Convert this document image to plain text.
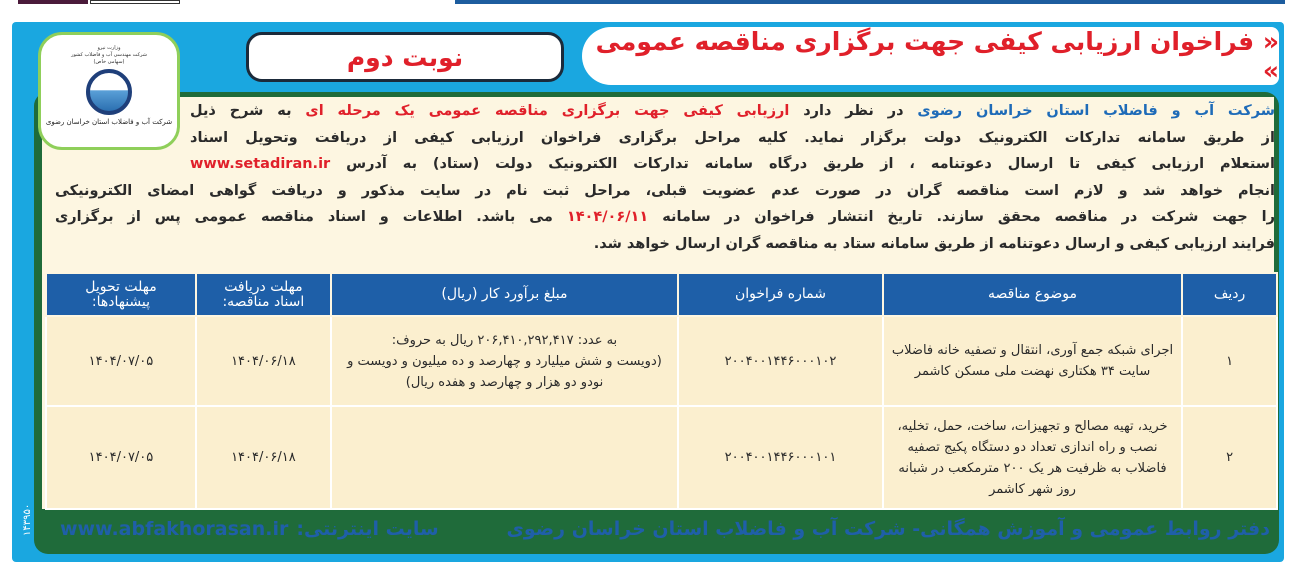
« فراخوان ارزیابی کیفی جهت برگزاری مناقصه عمومی »
نوبت دوم
وزارت نیرو
شرکت مهندسی آب و فاضلاب کشور
(سهامی خاص)
شرکت آب و فاضلاب استان خراسان رضوی
شرکت آب و فاضلاب استان خراسان رضوی در نظر دارد ارزیابی کیفی جهت برگزاری مناقصه عمومی یک مرحله ای به شرح ذیل
از طریق سامانه تدارکات الکترونیک دولت برگزار نماید. کلیه مراحل برگزاری فراخوان ارزیابی کیفی از دریافت وتحویل اسناد
استعلام ارزیابی کیفی تا ارسال دعوتنامه ، از طریق درگاه سامانه تدارکات الکترونیک دولت (ستاد) به آدرس www.setadiran.ir
انجام خواهد شد و لازم است مناقصه گران در صورت عدم عضویت قبلی، مراحل ثبت نام در سایت مذکور و دریافت گواهی امضای الکترونیکی
را جهت شرکت در مناقصه محقق سازند. تاریخ انتشار فراخوان در سامانه ۱۴۰۴/۰۶/۱۱ می باشد. اطلاعات و اسناد مناقصه عمومی پس از برگزاری
فرایند ارزیابی کیفی و ارسال دعوتنامه از طریق سامانه ستاد به مناقصه گران ارسال خواهد شد.
ردیف	موضوع مناقصه	شماره فراخوان	مبلغ برآورد کار (ریال)	مهلت دریافت اسناد مناقصه:	مهلت تحویل پیشنهادها:
۱	اجرای شبکه جمع آوری، انتقال و تصفیه خانه فاضلاب سایت ۳۴ هکتاری نهضت ملی مسکن کاشمر	۲۰۰۴۰۰۱۴۴۶۰۰۰۱۰۲	به عدد: ۲۰۶,۴۱۰,۲۹۲,۴۱۷ ریال به حروف:
(دویست و شش میلیارد و چهارصد و ده میلیون و دویست و نودو دو هزار و چهارصد و هفده ریال)	۱۴۰۴/۰۶/۱۸	۱۴۰۴/۰۷/۰۵
۲	خرید، تهیه مصالح و تجهیزات، ساخت، حمل، تخلیه، نصب و راه اندازی تعداد دو دستگاه پکیج تصفیه فاضلاب به ظرفیت هر یک ۲۰۰ مترمکعب در شبانه روز شهر کاشمر	۲۰۰۴۰۰۱۴۴۶۰۰۰۱۰۱		۱۴۰۴/۰۶/۱۸	۱۴۰۴/۰۷/۰۵
دفتر روابط عمومی و آموزش همگانی- شرکت آب و فاضلاب استان خراسان رضوی
سایت اینترنتی:
www.abfakhorasan.ir
۱۴۳۹۵۰
